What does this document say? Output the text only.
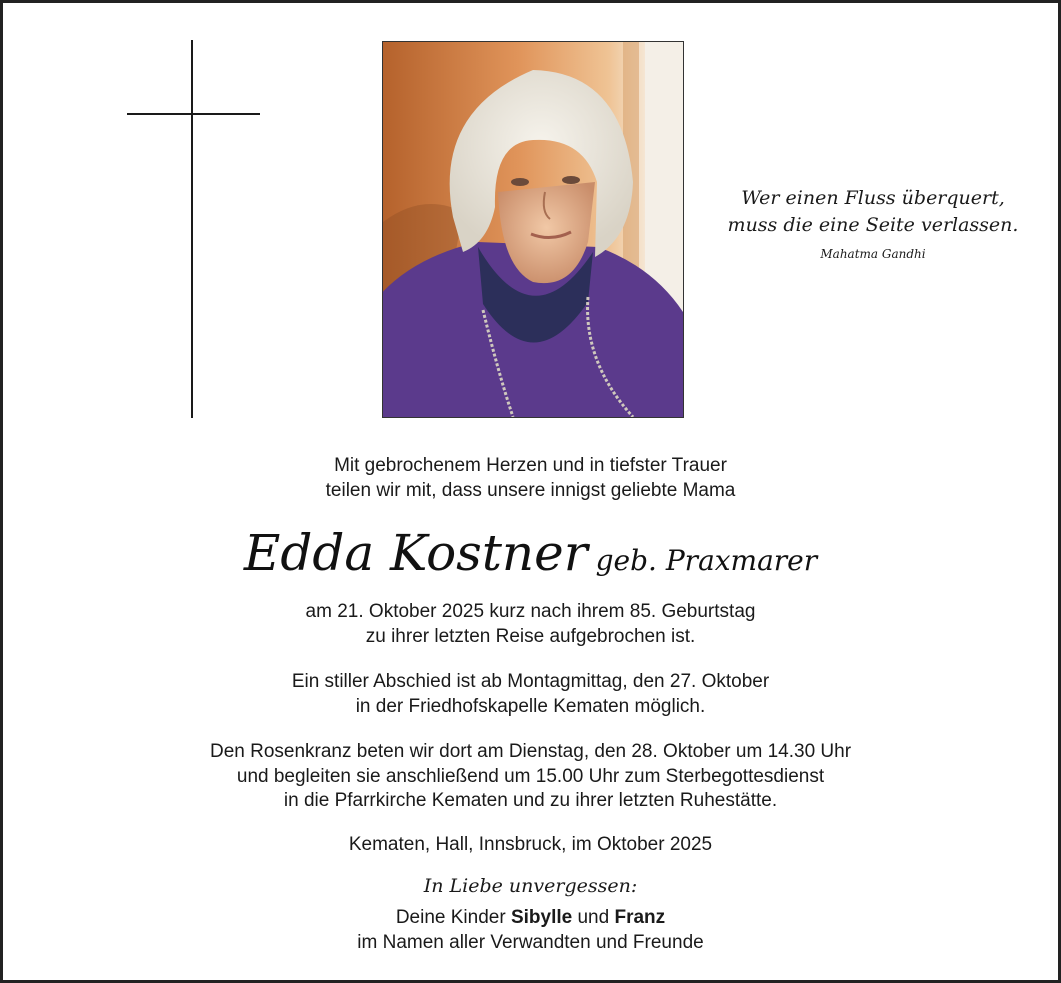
Wer einen Fluss überquert,
muss die eine Seite verlassen.
Mahatma Gandhi
Mit gebrochenem Herzen und in tiefster Trauer
teilen wir mit, dass unsere innigst geliebte Mama
Edda Kostner geb. Praxmarer
am 21. Oktober 2025 kurz nach ihrem 85. Geburtstag
zu ihrer letzten Reise aufgebrochen ist.
Ein stiller Abschied ist ab Montagmittag, den 27. Oktober
in der Friedhofskapelle Kematen möglich.
Den Rosenkranz beten wir dort am Dienstag, den 28. Oktober um 14.30 Uhr
und begleiten sie anschließend um 15.00 Uhr zum Sterbegottesdienst
in die Pfarrkirche Kematen und zu ihrer letzten Ruhestätte.
Kematen, Hall, Innsbruck, im Oktober 2025
In Liebe unvergessen:
Deine Kinder Sibylle und Franz
im Namen aller Verwandten und Freunde
